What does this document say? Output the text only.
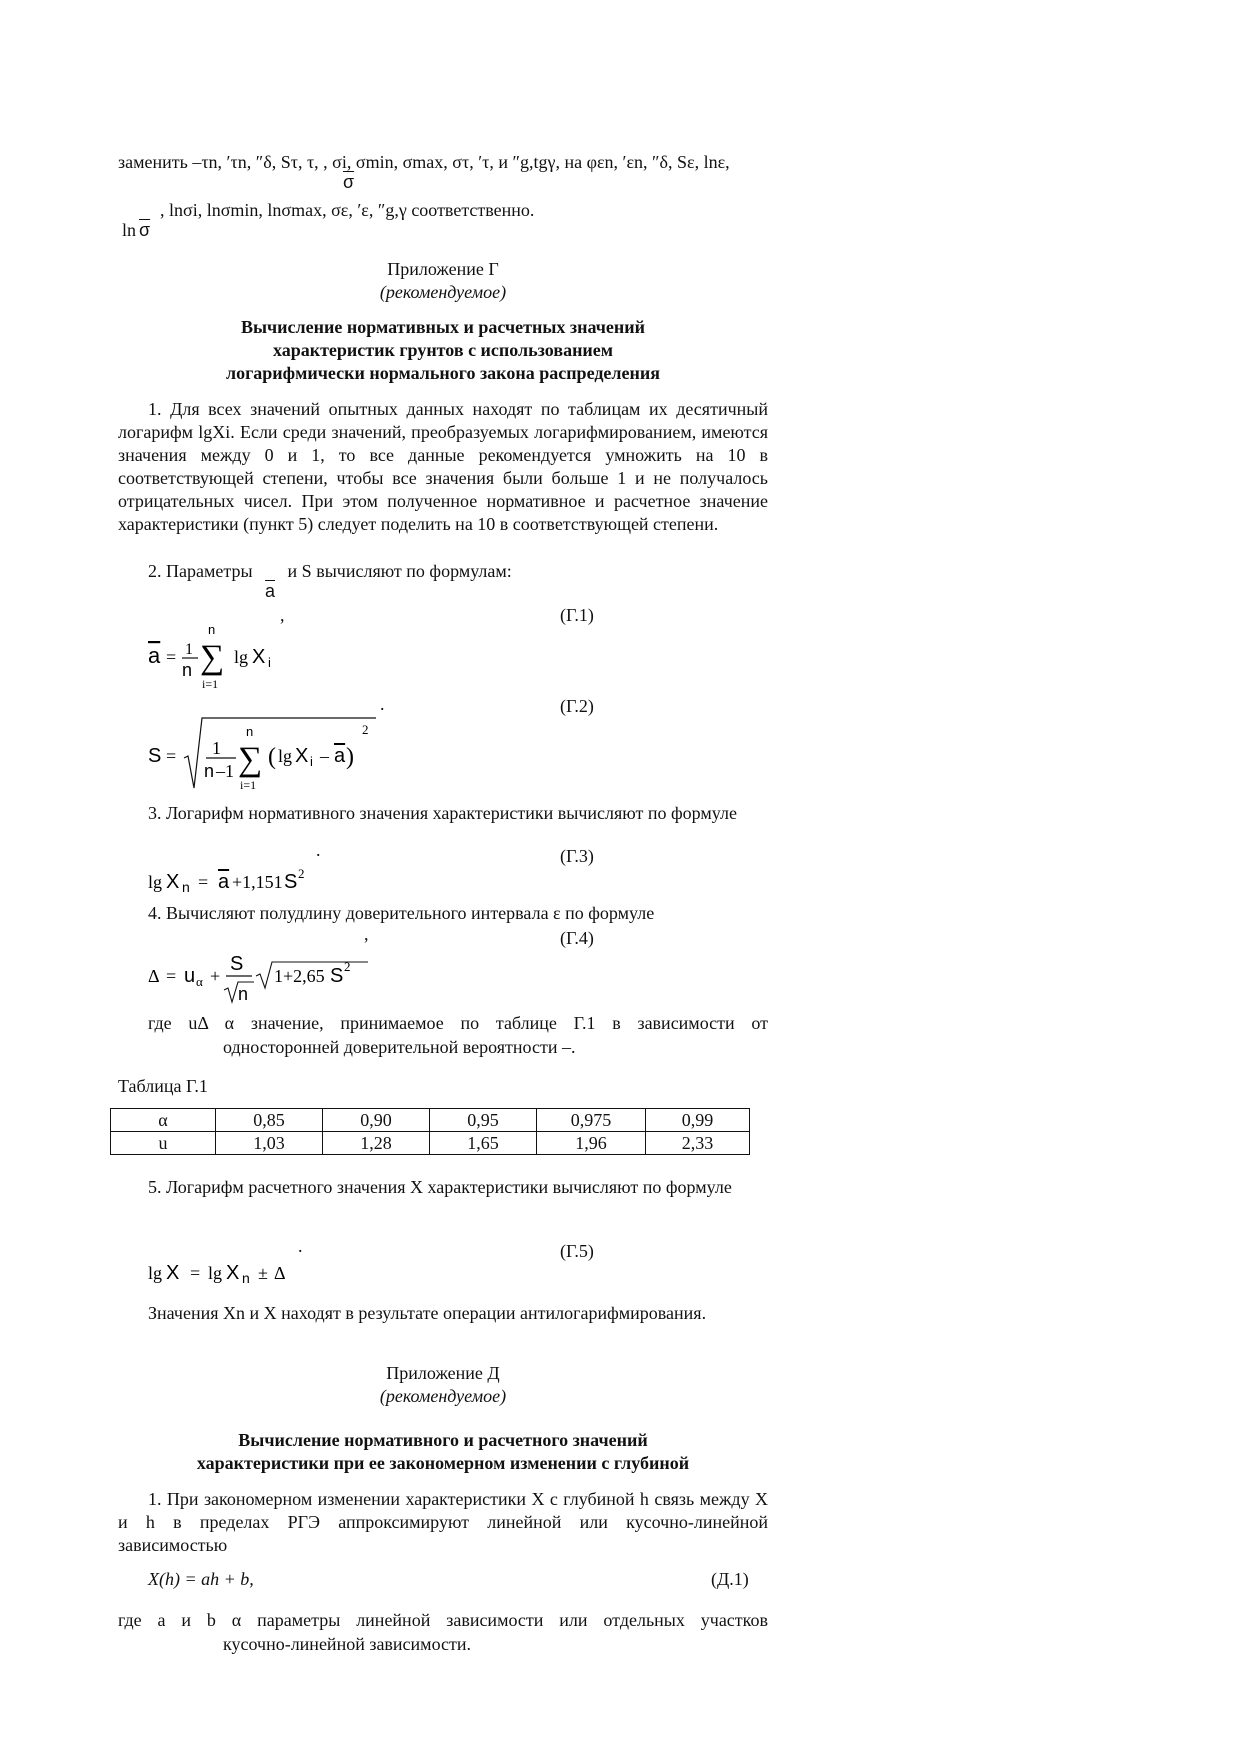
заменить –τn, ′τn, ″δ, Sτ, τ, , σi, σmin, σmax, στ, ′τ, и ″g,tgγ, на φεn, ′εn, ″δ, Sε, lnε,
$\overline{\sigma}$
$\ln \overline{\sigma}$
, lnσi, lnσmin, lnσmax, σε, ′ε, ″g,γ соответственно.
Приложение Г
(рекомендуемое)
Вычисление нормативных и расчетных значений
характеристик грунтов с использованием
логарифмически нормального закона распределения

1. Для всех значений опытных данных находят по таблицам их десятичный логарифм lgXi. Если среди значений, преобразуемых логарифмированием, имеются значения между 0 и 1, то все данные рекомендуется умножить на 10 в соответствующей степени, чтобы все значения были больше 1 и не получалось отрицательных чисел. При этом полученное нормативное и расчетное значение характеристики (пункт 5) следует поделить на 10 в соответствующей степени.

2. Параметры $\overline{a}$ и S вычисляют по формулам:
,	(Г.1)
a = 1
n
n
∑
i=1
lg X i
.	(Г.2)
S = 1
n –1
n
∑
i=1
( lg X i – a )
2

3. Логарифм нормативного значения характеристики вычисляют по формуле

.	(Г.3)
lg X n = a +1,151 S 2
4. Вычисляют полудлину доверительного интервала ε по формуле
,	(Г.4)
Δ = u α +
S
n
1+2,65 S 2
где uΔ α значение, принимаемое по таблице Г.1 в зависимости от
односторонней доверительной вероятности –.
Таблица Г.1
α	0,85	0,90	0,95	0,975	0,99
u	1,03	1,28	1,65	1,96	2,33

5. Логарифм расчетного значения X характеристики вычисляют по формуле

.	(Г.5)
lg X = lg X n ± Δ

Значения Xn и X находят в результате операции антилогарифмирования.

Приложение Д
(рекомендуемое)
Вычисление нормативного и расчетного значений
характеристики при ее закономерном изменении с глубиной

1. При закономерном изменении характеристики X с глубиной h связь между X и h в пределах РГЭ аппроксимируют линейной или кусочно-линейной зависимостью

X(h) = ah + b,	(Д.1)
где a и b α параметры линейной зависимости или отдельных участков
кусочно-линейной зависимости.
